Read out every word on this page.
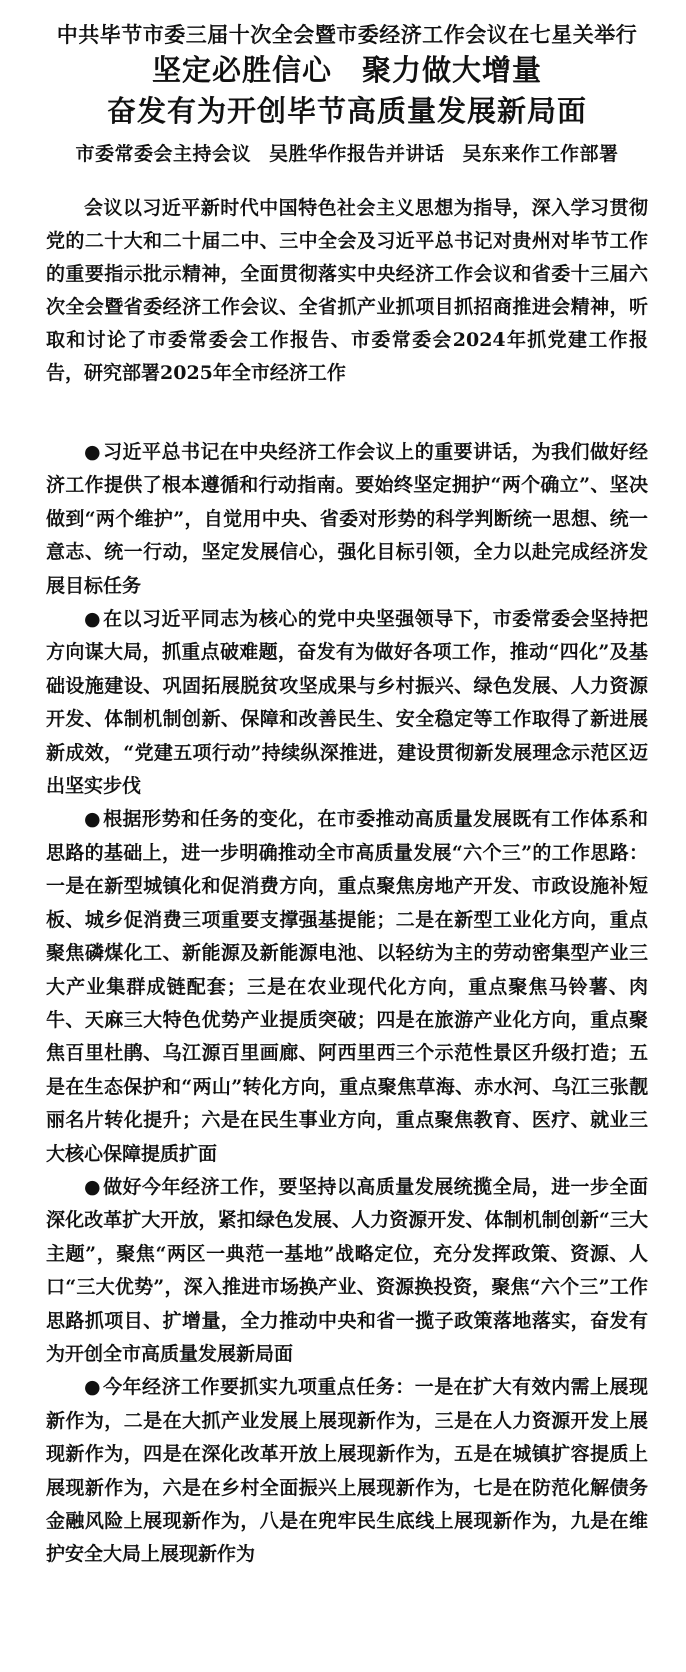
中共毕节市委三届十次全会暨市委经济工作会议在七星关举行

坚定必胜信心 聚力做大增量

奋发有为开创毕节高质量发展新局面

市委常委会主持会议 吴胜华作报告并讲话 吴东来作工作部署

会议以习近平新时代中国特色社会主义思想为指导，深入学习贯彻党的二十大和二十届二中、三中全会及习近平总书记对贵州对毕节工作的重要指示批示精神，全面贯彻落实中央经济工作会议和省委十三届六次全会暨省委经济工作会议、全省抓产业抓项目抓招商推进会精神，听取和讨论了市委常委会工作报告、市委常委会2024年抓党建工作报告，研究部署2025年全市经济工作

● 习近平总书记在中央经济工作会议上的重要讲话，为我们做好经济工作提供了根本遵循和行动指南。要始终坚定拥护“两个确立”、坚决做到“两个维护”，自觉用中央、省委对形势的科学判断统一思想、统一意志、统一行动，坚定发展信心，强化目标引领，全力以赴完成经济发展目标任务

● 在以习近平同志为核心的党中央坚强领导下，市委常委会坚持把方向谋大局，抓重点破难题，奋发有为做好各项工作，推动“四化”及基础设施建设、巩固拓展脱贫攻坚成果与乡村振兴、绿色发展、人力资源开发、体制机制创新、保障和改善民生、安全稳定等工作取得了新进展新成效，“党建五项行动”持续纵深推进，建设贯彻新发展理念示范区迈出坚实步伐

● 根据形势和任务的变化，在市委推动高质量发展既有工作体系和思路的基础上，进一步明确推动全市高质量发展“六个三”的工作思路：一是在新型城镇化和促消费方向，重点聚焦房地产开发、市政设施补短板、城乡促消费三项重要支撑强基提能；二是在新型工业化方向，重点聚焦磷煤化工、新能源及新能源电池、以轻纺为主的劳动密集型产业三大产业集群成链配套；三是在农业现代化方向，重点聚焦马铃薯、肉牛、天麻三大特色优势产业提质突破；四是在旅游产业化方向，重点聚焦百里杜鹃、乌江源百里画廊、阿西里西三个示范性景区升级打造；五是在生态保护和“两山”转化方向，重点聚焦草海、赤水河、乌江三张靓丽名片转化提升；六是在民生事业方向，重点聚焦教育、医疗、就业三大核心保障提质扩面

● 做好今年经济工作，要坚持以高质量发展统揽全局，进一步全面深化改革扩大开放，紧扣绿色发展、人力资源开发、体制机制创新“三大主题”，聚焦“两区一典范一基地”战略定位，充分发挥政策、资源、人口“三大优势”，深入推进市场换产业、资源换投资，聚焦“六个三”工作思路抓项目、扩增量，全力推动中央和省一揽子政策落地落实，奋发有为开创全市高质量发展新局面

● 今年经济工作要抓实九项重点任务：一是在扩大有效内需上展现新作为，二是在大抓产业发展上展现新作为，三是在人力资源开发上展现新作为，四是在深化改革开放上展现新作为，五是在城镇扩容提质上展现新作为，六是在乡村全面振兴上展现新作为，七是在防范化解债务金融风险上展现新作为，八是在兜牢民生底线上展现新作为，九是在维护安全大局上展现新作为
